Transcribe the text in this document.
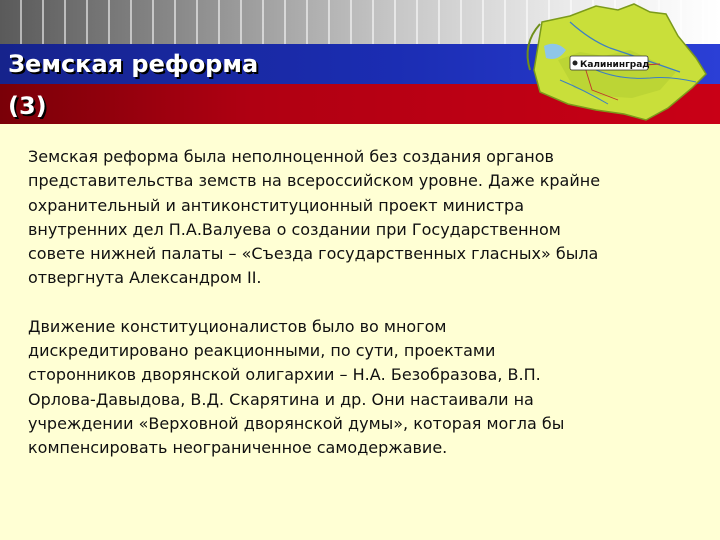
Земская реформа
(3)
Калининград

Земская реформа была неполноценной без создания органов представительства земств на всероссийском уровне. Даже крайне охранительный и антиконституционный проект министра внутренних дел П.А.Валуева о создании при Государственном совете нижней палаты – «Съезда государственных гласных» была отвергнута Александром II.

Движение конституционалистов было во многом дискредитировано реакционными, по сути, проектами сторонников дворянской олигархии – Н.А. Безобразова, В.П. Орлова-Давыдова, В.Д. Скарятина и др. Они настаивали на учреждении «Верховной дворянской думы», которая могла бы компенсировать неограниченное самодержавие.
